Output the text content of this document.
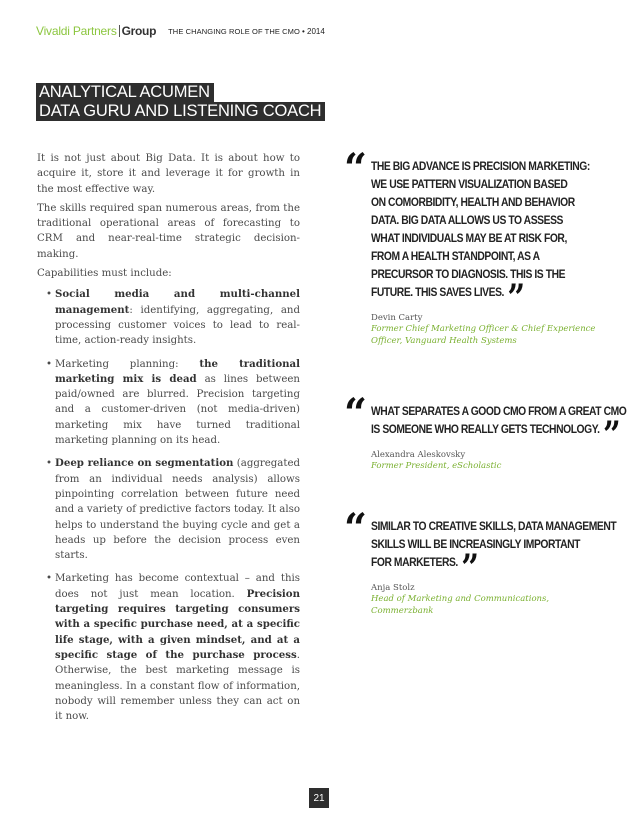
Vivaldi Partners Group THE CHANGING ROLE OF THE CMO • 2014
ANALYTICAL ACUMEN
DATA GURU AND LISTENING COACH

It is not just about Big Data. It is about how to acquire it, store it and leverage it for growth in the most effective way.

The skills required span numerous areas, from the traditional operational areas of forecasting to CRM and near-real-time strategic decision-making.

Capabilities must include:

• Social media and multi-channel management: identifying, aggregating, and processing customer voices to lead to real-time, action-ready insights.
• Marketing planning: the traditional marketing mix is dead as lines between paid/owned are blurred. Precision targeting and a customer-driven (not media-driven) marketing mix have turned traditional marketing planning on its head.
• Deep reliance on segmentation (aggregated from an individual needs analysis) allows pinpointing correlation between future need and a variety of predictive factors today. It also helps to understand the buying cycle and get a heads up before the decision process even starts.
• Marketing has become contextual – and this does not just mean location. Precision targeting requires targeting consumers with a specific purchase need, at a specific life stage, with a given mindset, and at a specific stage of the purchase process. Otherwise, the best marketing message is meaningless. In a constant flow of information, nobody will remember unless they can act on it now.
“ THE BIG ADVANCE IS PRECISION MARKETING:
WE USE PATTERN VISUALIZATION BASED
ON COMORBIDITY, HEALTH AND BEHAVIOR
DATA. BIG DATA ALLOWS US TO ASSESS
WHAT INDIVIDUALS MAY BE AT RISK FOR,
FROM A HEALTH STANDPOINT, AS A
PRECURSOR TO DIAGNOSIS. THIS IS THE
FUTURE. THIS SAVES LIVES.”
Devin Carty
Former Chief Marketing Officer & Chief Experience Officer, Vanguard Health Systems
“ WHAT SEPARATES A GOOD CMO FROM A GREAT CMO
IS SOMEONE WHO REALLY GETS TECHNOLOGY.”
Alexandra Aleskovsky
Former President, eScholastic
“ SIMILAR TO CREATIVE SKILLS, DATA MANAGEMENT
SKILLS WILL BE INCREASINGLY IMPORTANT
FOR MARKETERS.”
Anja Stolz
Head of Marketing and Communications, Commerzbank
21
